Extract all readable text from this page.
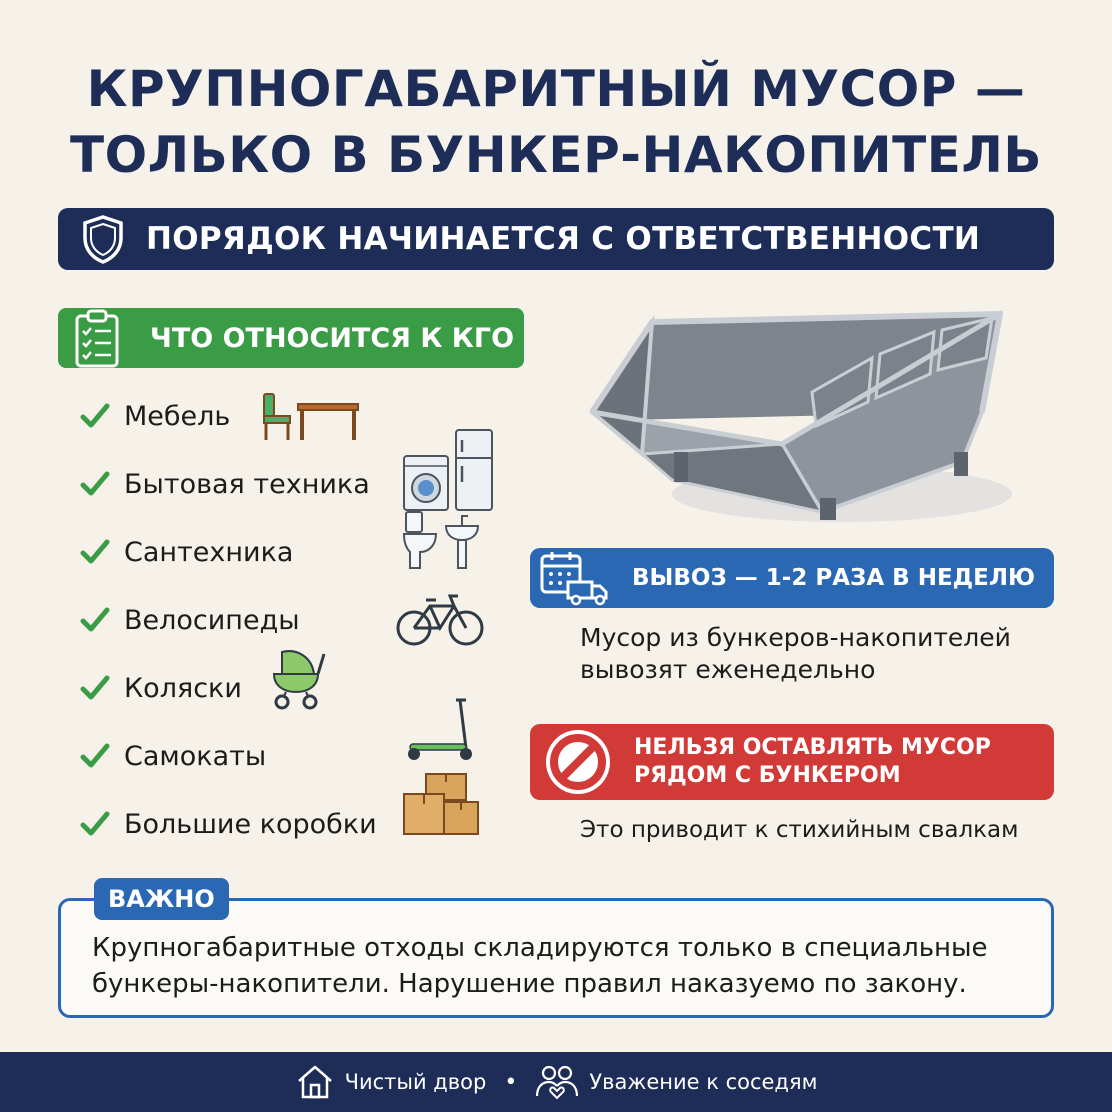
КРУПНОГАБАРИТНЫЙ МУСОР —
ТОЛЬКО В БУНКЕР-НАКОПИТЕЛЬ
ПОРЯДОК НАЧИНАЕТСЯ С ОТВЕТСТВЕННОСТИ
ЧТО ОТНОСИТСЯ К КГО
Мебель
Бытовая техника
Сантехника
Велосипеды
Коляски
Самокаты
Большие коробки
ВЫВОЗ — 1-2 РАЗА В НЕДЕЛЮ
Мусор из бункеров-накопителей
вывозят еженедельно
НЕЛЬЗЯ ОСТАВЛЯТЬ МУСОР
РЯДОМ С БУНКЕРОМ
Это приводит к стихийным свалкам
ВАЖНО
Крупногабаритные отходы складируются только в специальные
бункеры-накопители. Нарушение правил наказуемо по закону.
Чистый двор •	Уважение к соседям
